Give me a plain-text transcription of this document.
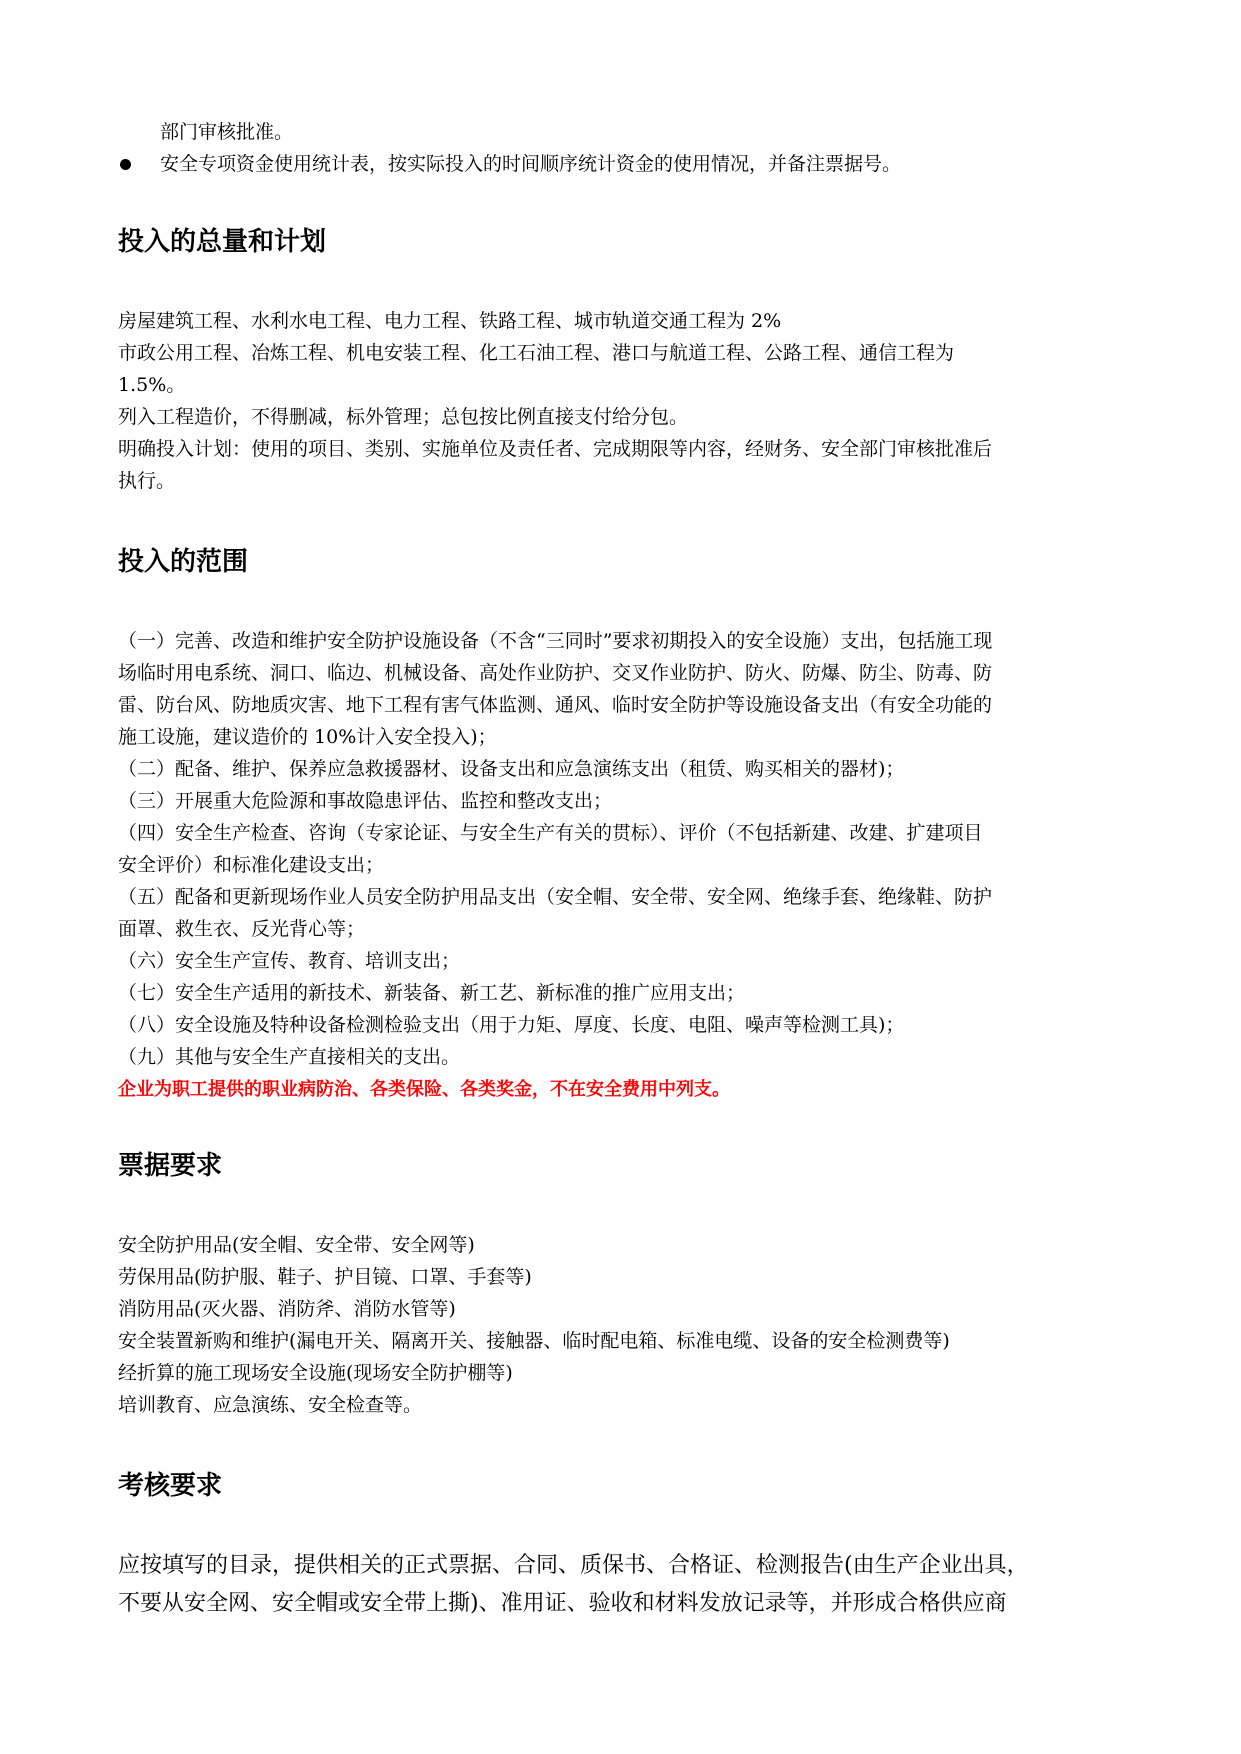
部门审核批准。
安全专项资金使用统计表，按实际投入的时间顺序统计资金的使用情况，并备注票据号。
投入的总量和计划
房屋建筑工程、水利水电工程、电力工程、铁路工程、城市轨道交通工程为 2%
市政公用工程、冶炼工程、机电安装工程、化工石油工程、港口与航道工程、公路工程、通信工程为
1.5%。
列入工程造价，不得删减，标外管理；总包按比例直接支付给分包。
明确投入计划：使用的项目、类别、实施单位及责任者、完成期限等内容，经财务、安全部门审核批准后
执行。
投入的范围
（一）完善、改造和维护安全防护设施设备（不含“三同时”要求初期投入的安全设施）支出，包括施工现
场临时用电系统、洞口、临边、机械设备、高处作业防护、交叉作业防护、防火、防爆、防尘、防毒、防
雷、防台风、防地质灾害、地下工程有害气体监测、通风、临时安全防护等设施设备支出（有安全功能的
施工设施，建议造价的 10%计入安全投入)；
（二）配备、维护、保养应急救援器材、设备支出和应急演练支出（租赁、购买相关的器材)；
（三）开展重大危险源和事故隐患评估、监控和整改支出；
（四）安全生产检查、咨询（专家论证、与安全生产有关的贯标）、评价（不包括新建、改建、扩建项目
安全评价）和标准化建设支出；
（五）配备和更新现场作业人员安全防护用品支出（安全帽、安全带、安全网、绝缘手套、绝缘鞋、防护
面罩、救生衣、反光背心等；
（六）安全生产宣传、教育、培训支出；
（七）安全生产适用的新技术、新装备、新工艺、新标准的推广应用支出；
（八）安全设施及特种设备检测检验支出（用于力矩、厚度、长度、电阻、噪声等检测工具)；
（九）其他与安全生产直接相关的支出。
企业为职工提供的职业病防治、各类保险、各类奖金，不在安全费用中列支。
票据要求
安全防护用品(安全帽、安全带、安全网等)
劳保用品(防护服、鞋子、护目镜、口罩、手套等)
消防用品(灭火器、消防斧、消防水管等)
安全装置新购和维护(漏电开关、隔离开关、接触器、临时配电箱、标准电缆、设备的安全检测费等)
经折算的施工现场安全设施(现场安全防护棚等)
培训教育、应急演练、安全检查等。
考核要求
应按填写的目录，提供相关的正式票据、合同、质保书、合格证、检测报告(由生产企业出具，
不要从安全网、安全帽或安全带上撕)、准用证、验收和材料发放记录等，并形成合格供应商
